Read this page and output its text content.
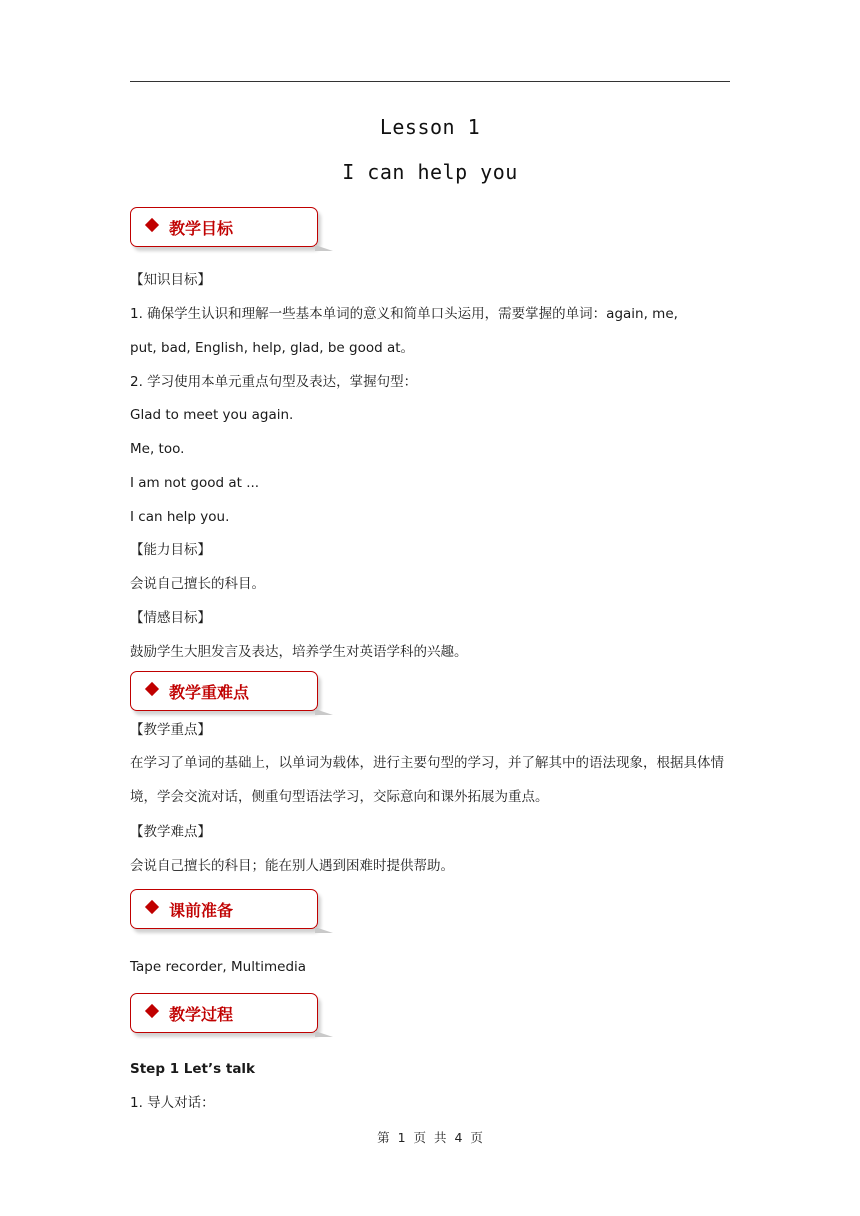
Lesson 1
I can help you
教学目标
【知识目标】
1. 确保学生认识和理解一些基本单词的意义和简单口头运用，需要掌握的单词：again, me,
put, bad, English, help, glad, be good at。
2. 学习使用本单元重点句型及表达，掌握句型：
Glad to meet you again.
Me, too.
I am not good at ...
I can help you.
【能力目标】
会说自己擅长的科目。
【情感目标】
鼓励学生大胆发言及表达，培养学生对英语学科的兴趣。
教学重难点
【教学重点】
在学习了单词的基础上，以单词为载体，进行主要句型的学习，并了解其中的语法现象，根据具体情境，学会交流对话，侧重句型语法学习，交际意向和课外拓展为重点。
【教学难点】
会说自己擅长的科目；能在别人遇到困难时提供帮助。
课前准备
Tape recorder, Multimedia
教学过程
Step 1 Let’s talk
1. 导人对话：
第 1 页 共 4 页
